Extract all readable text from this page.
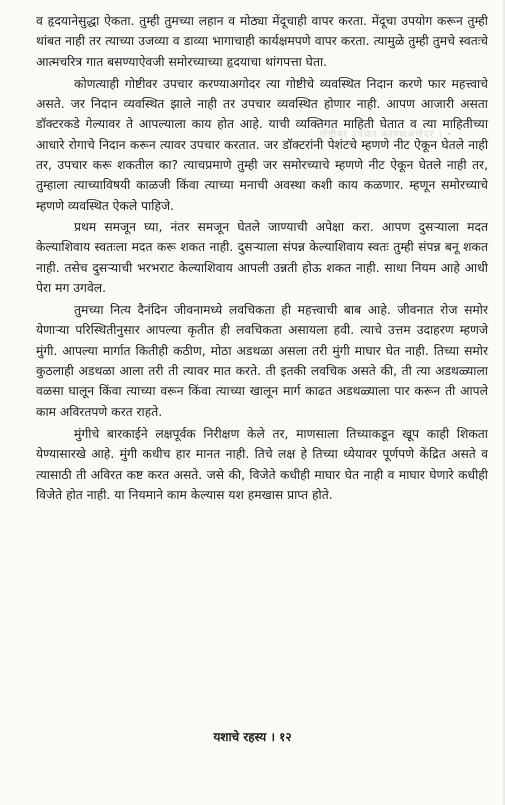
गोष्टीवर उपचार करण्याअगोदर । •

व हृदयानेसुद्धा ऐकता. तुम्ही तुमच्या लहान व मोठ्या मेंदूचाही वापर करता. मेंदूचा उपयोग करून तुम्ही थांबत नाही तर त्याच्या उजव्या व डाव्या भागाचाही कार्यक्षमपणे वापर करता. त्यामुळे तुम्ही तुमचे स्वतःचे आत्मचरित्र गात बसण्याऐवजी समोरच्याच्या हृदयाचा थांगपत्ता घेता.

कोणत्याही गोष्टीवर उपचार करण्याअगोदर त्या गोष्टीचे व्यवस्थित निदान करणे फार महत्त्वाचे असते. जर निदान व्यवस्थित झाले नाही तर उपचार व्यवस्थित होणार नाही. आपण आजारी असता डॉक्टरकडे गेल्यावर ते आपल्याला काय होत आहे. याची व्यक्तिगत माहिती घेतात व त्या माहितीच्या आधारे रोगाचे निदान करून त्यावर उपचार करतात. जर डॉक्टरांनी पेशंटचे म्हणणे नीट ऐकून घेतले नाही तर, उपचार करू शकतील का? त्याचप्रमाणे तुम्ही जर समोरच्याचे म्हणणे नीट ऐकून घेतले नाही तर, तुम्हाला त्याच्याविषयी काळजी किंवा त्याच्या मनाची अवस्था कशी काय कळणार. म्हणून समोरच्याचे म्हणणे व्यवस्थित ऐकले पाहिजे.

प्रथम समजून घ्या, नंतर समजून घेतले जाण्याची अपेक्षा करा. आपण दुसऱ्याला मदत केल्याशिवाय स्वतःला मदत करू शकत नाही. दुसऱ्याला संपन्न केल्याशिवाय स्वतः तुम्ही संपन्न बनू शकत नाही. तसेच दुसऱ्याची भरभराट केल्याशिवाय आपली उन्नती होऊ शकत नाही. साधा नियम आहे आधी पेरा मग उगवेल.

तुमच्या नित्य दैनंदिन जीवनामध्ये लवचिकता ही महत्त्वाची बाब आहे. जीवनात रोज समोर येणाऱ्या परिस्थितीनुसार आपल्या कृतीत ही लवचिकता असायला हवी. त्याचे उत्तम उदाहरण म्हणजे मुंगी. आपल्या मार्गात कितीही कठीण, मोठा अडथळा असला तरी मुंगी माघार घेत नाही. तिच्या समोर कुठलाही अडथळा आला तरी ती त्यावर मात करते. ती इतकी लवचिक असते की, ती त्या अडथळ्याला वळसा घालून किंवा त्याच्या वरून किंवा त्याच्या खालून मार्ग काढत अडथळ्याला पार करून ती आपले काम अविरतपणे करत राहते.

मुंगीचे बारकाईने लक्षपूर्वक निरीक्षण केले तर, माणसाला तिच्याकडून खूप काही शिकता येण्यासारखे आहे. मुंगी कधीच हार मानत नाही. तिचे लक्ष हे तिच्या ध्येयावर पूर्णपणे केंद्रित असते व त्यासाठी ती अविरत कष्ट करत असते. जसे की, विजेते कधीही माघार घेत नाही व माघार घेणारे कधीही विजेते होत नाही. या नियमाने काम केल्यास यश हमखास प्राप्त होते.

यशाचे रहस्य । १२
